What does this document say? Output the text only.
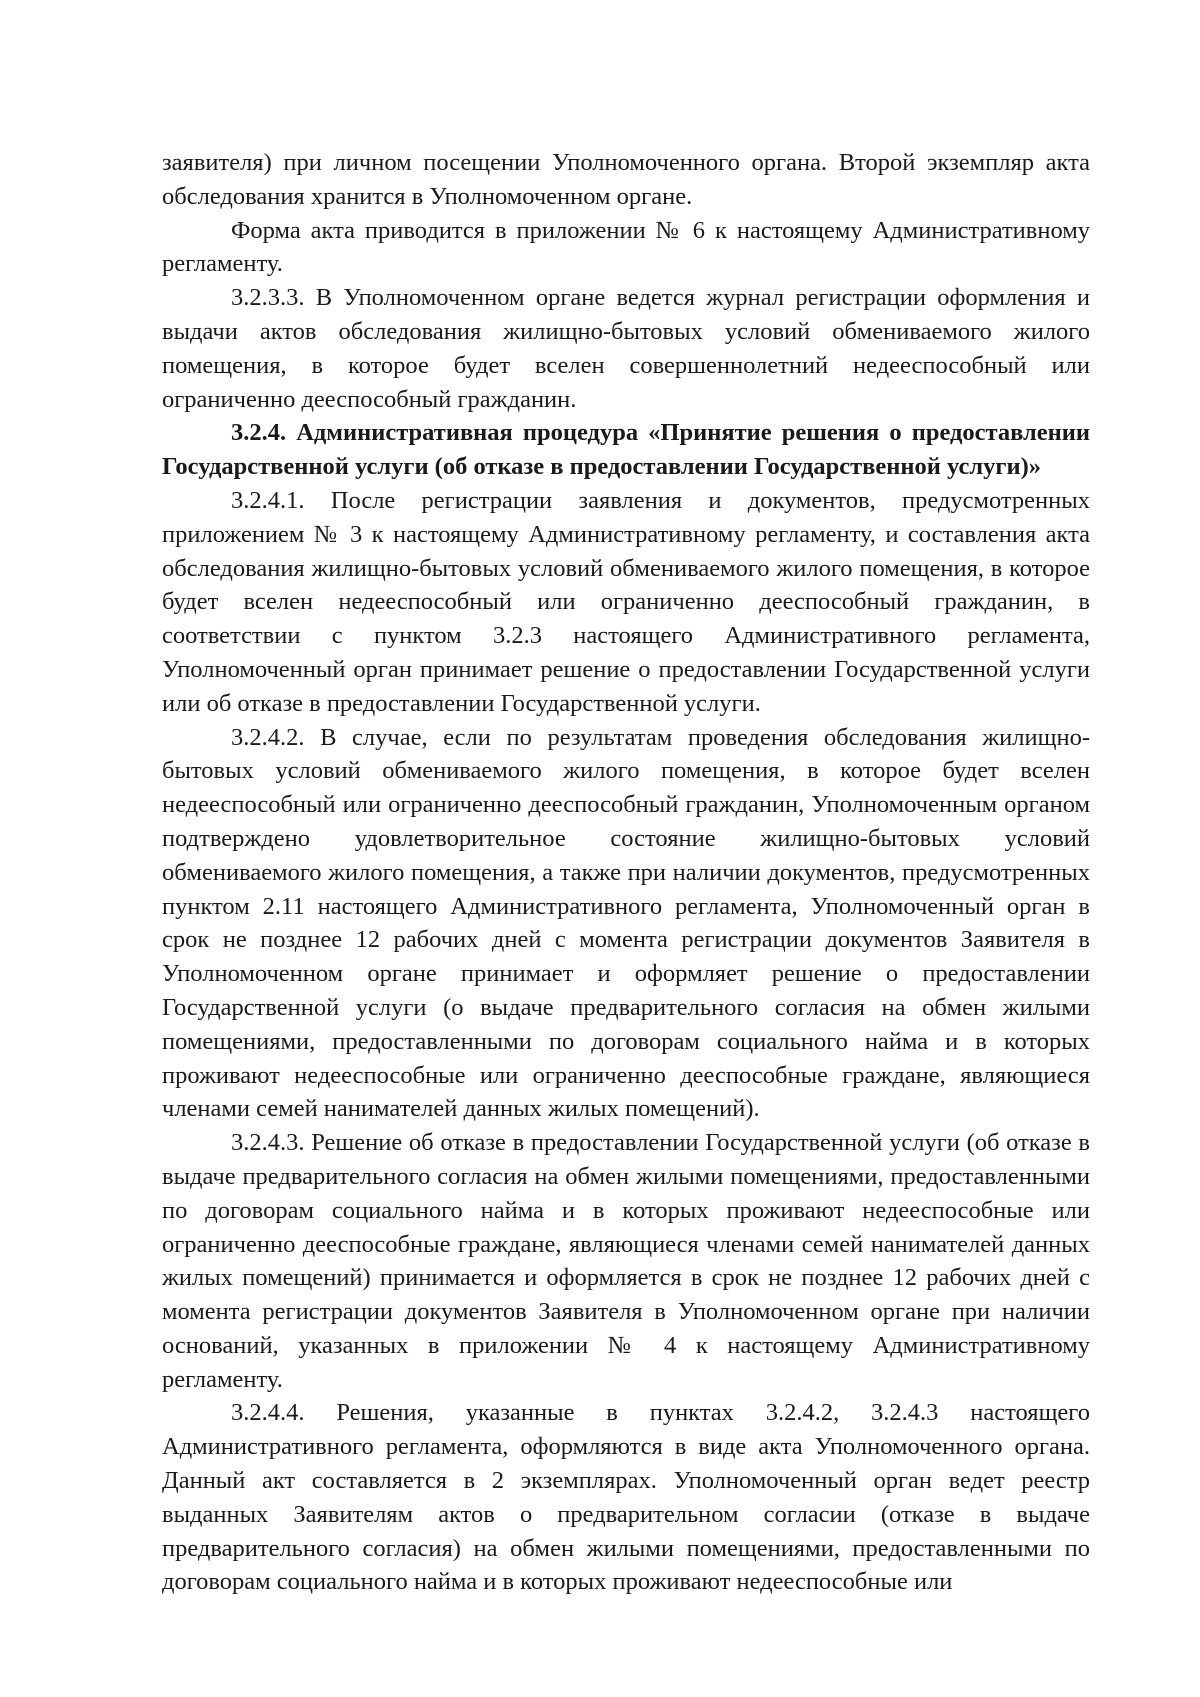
заявителя) при личном посещении Уполномоченного органа. Второй экземпляр акта обследования хранится в Уполномоченном органе.

Форма акта приводится в приложении № 6 к настоящему Административному регламенту.

3.2.3.3. В Уполномоченном органе ведется журнал регистрации оформления и выдачи актов обследования жилищно-бытовых условий обмениваемого жилого помещения, в которое будет вселен совершеннолетний недееспособный или ограниченно дееспособный гражданин.

3.2.4. Административная процедура «Принятие решения о предоставлении Государственной услуги (об отказе в предоставлении Государственной услуги)»

3.2.4.1. После регистрации заявления и документов, предусмотренных приложением № 3 к настоящему Административному регламенту, и составления акта обследования жилищно-бытовых условий обмениваемого жилого помещения, в которое будет вселен недееспособный или ограниченно дееспособный гражданин, в соответствии с пунктом 3.2.3 настоящего Административного регламента, Уполномоченный орган принимает решение о предоставлении Государственной услуги или об отказе в предоставлении Государственной услуги.

3.2.4.2. В случае, если по результатам проведения обследования жилищно-бытовых условий обмениваемого жилого помещения, в которое будет вселен недееспособный или ограниченно дееспособный гражданин, Уполномоченным органом подтверждено удовлетворительное состояние жилищно-бытовых условий обмениваемого жилого помещения, а также при наличии документов, предусмотренных пунктом 2.11 настоящего Административного регламента, Уполномоченный орган в срок не позднее 12 рабочих дней с момента регистрации документов Заявителя в Уполномоченном органе принимает и оформляет решение о предоставлении Государственной услуги (о выдаче предварительного согласия на обмен жилыми помещениями, предоставленными по договорам социального найма и в которых проживают недееспособные или ограниченно дееспособные граждане, являющиеся членами семей нанимателей данных жилых помещений).

3.2.4.3. Решение об отказе в предоставлении Государственной услуги (об отказе в выдаче предварительного согласия на обмен жилыми помещениями, предоставленными по договорам социального найма и в которых проживают недееспособные или ограниченно дееспособные граждане, являющиеся членами семей нанимателей данных жилых помещений) принимается и оформляется в срок не позднее 12 рабочих дней с момента регистрации документов Заявителя в Уполномоченном органе при наличии оснований, указанных в приложении № 4 к настоящему Административному регламенту.

3.2.4.4. Решения, указанные в пунктах 3.2.4.2, 3.2.4.3 настоящего Административного регламента, оформляются в виде акта Уполномоченного органа. Данный акт составляется в 2 экземплярах. Уполномоченный орган ведет реестр выданных Заявителям актов о предварительном согласии (отказе в выдаче предварительного согласия) на обмен жилыми помещениями, предоставленными по договорам социального найма и в которых проживают недееспособные или
